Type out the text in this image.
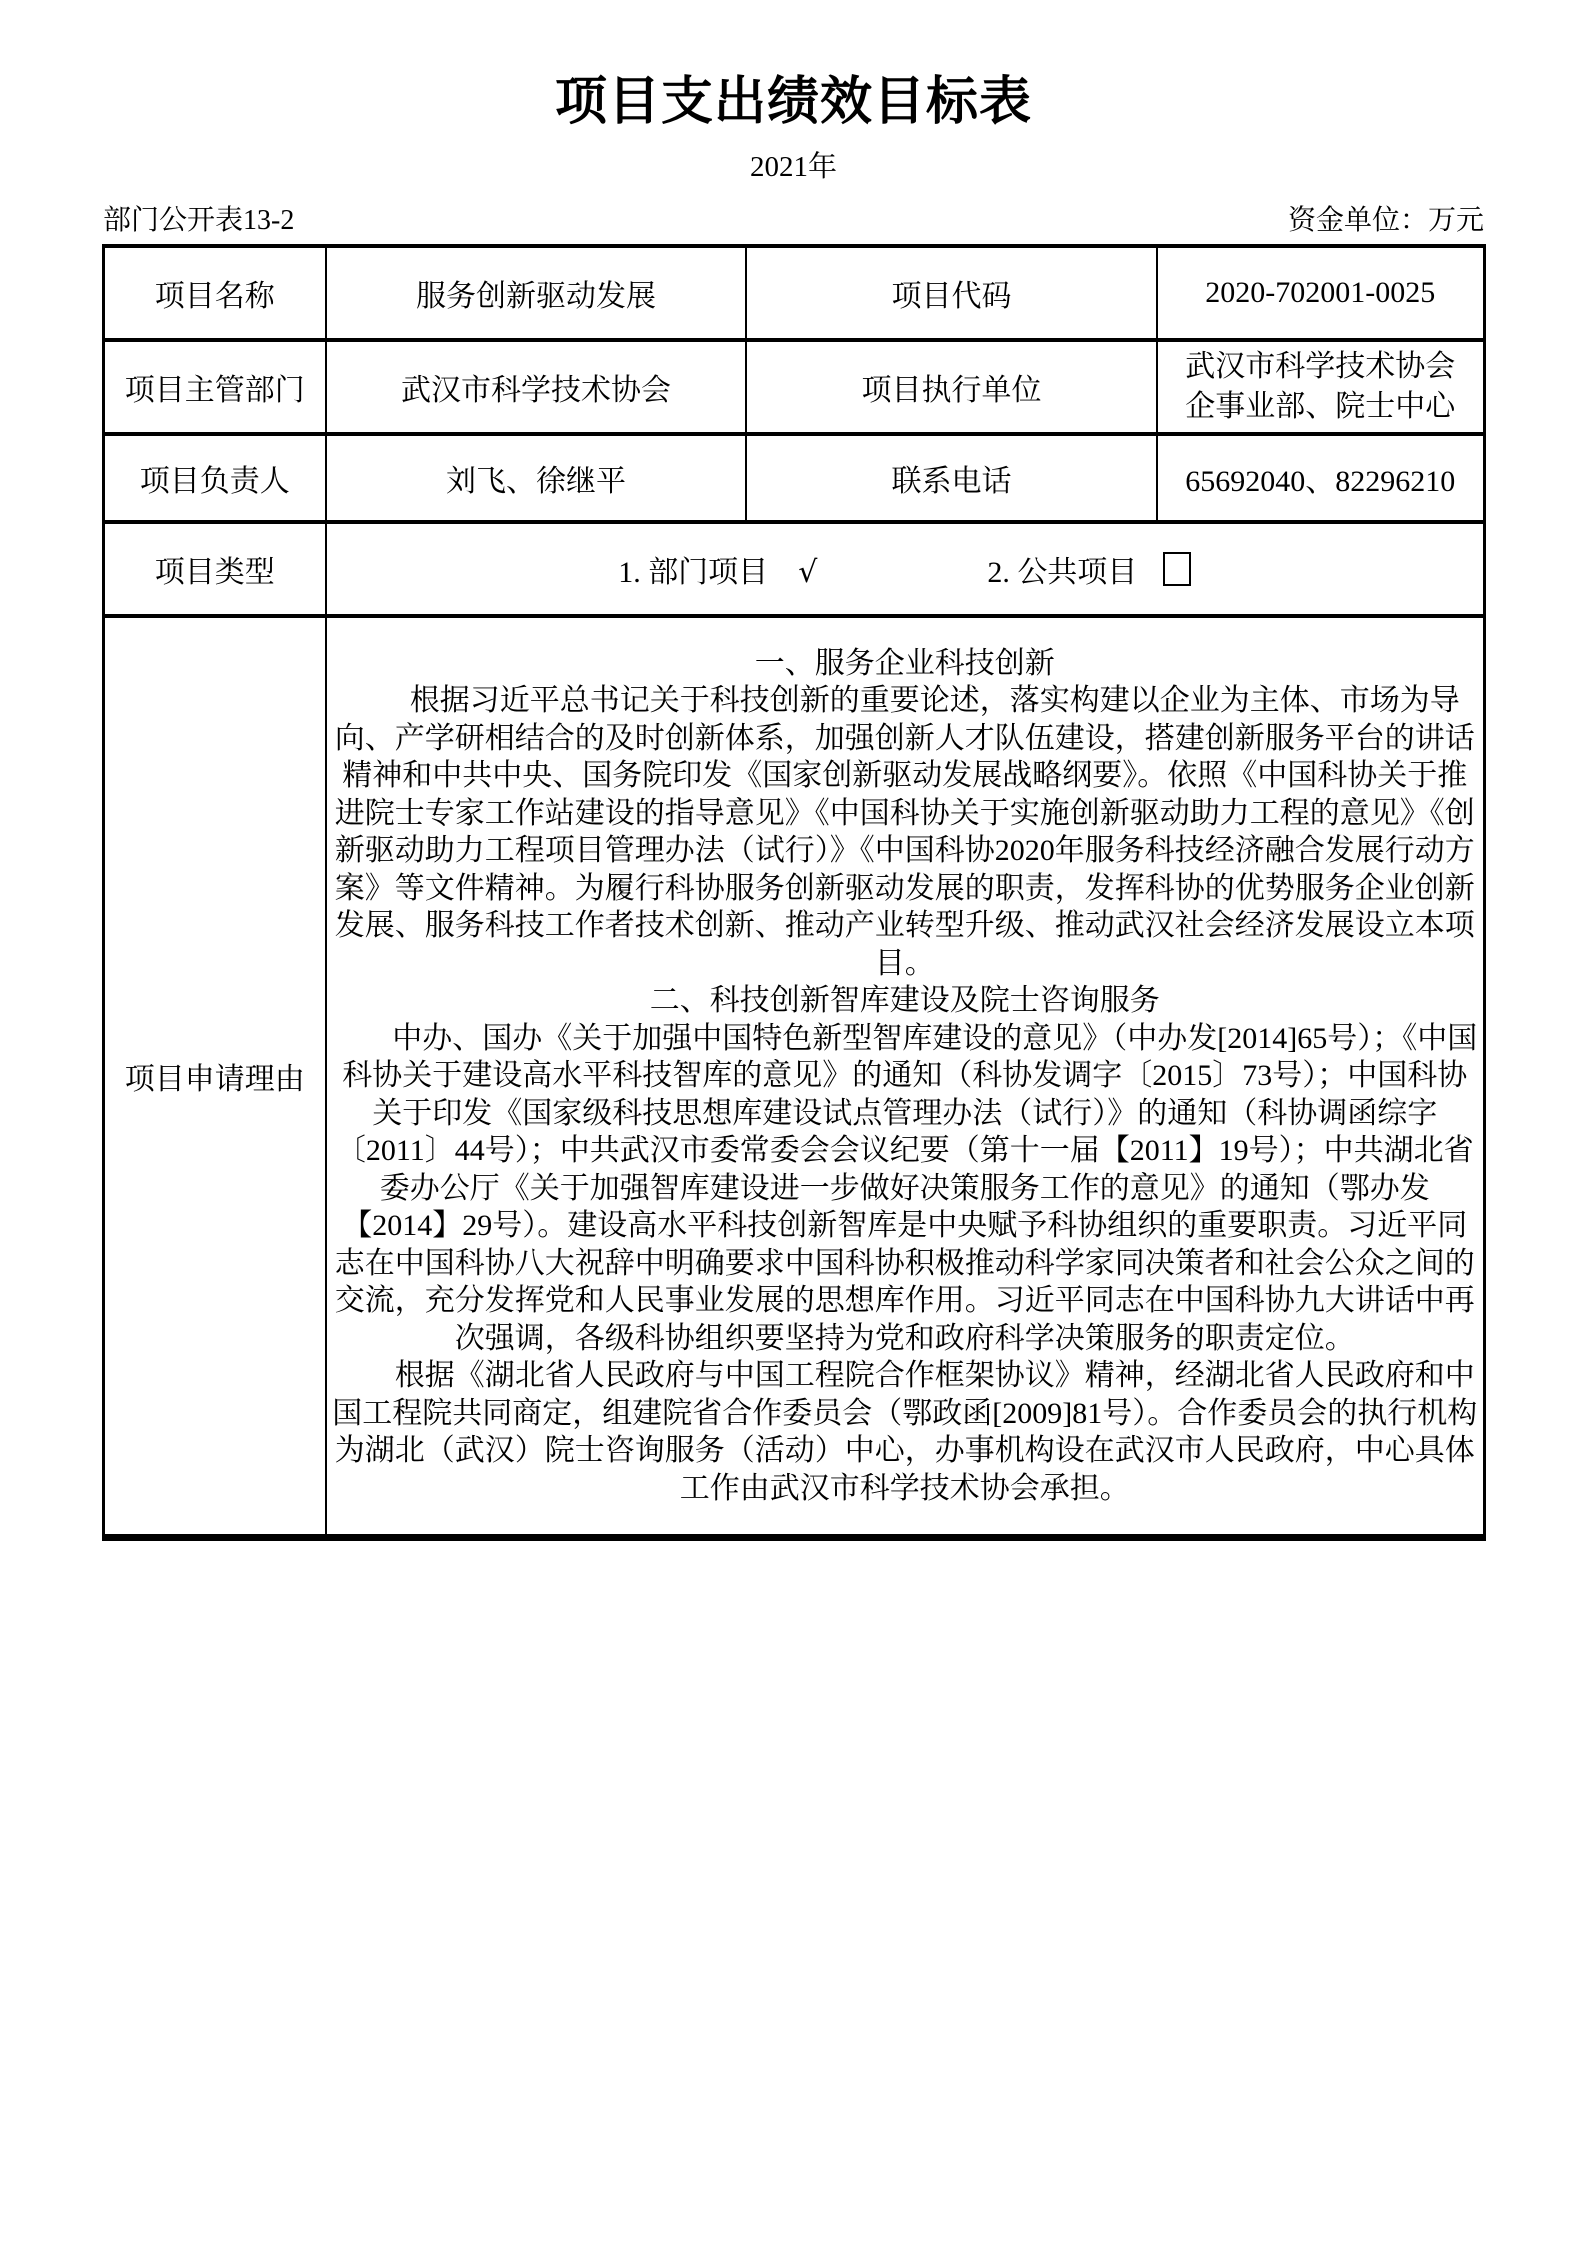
项目支出绩效目标表
2021年
部门公开表13-2	资金单位：万元
项目名称	服务创新驱动发展	项目代码	2020-702001-0025
项目主管部门	武汉市科学技术协会	项目执行单位	武汉市科学技术协会
企事业部、院士中心

项目负责人	刘飞、徐继平	联系电话	65692040、82296210
项目类型	1. 部门项目 √ 2. 公共项目		
项目申请理由	一、服务企业科技创新

根据习近平总书记关于科技创新的重要论述，落实构建以企业为主体、市场为导向、产学研相结合的及时创新体系，加强创新人才队伍建设，搭建创新服务平台的讲话精神和中共中央、国务院印发《国家创新驱动发展战略纲要》。依照《中国科协关于推进院士专家工作站建设的指导意见》《中国科协关于实施创新驱动助力工程的意见》《创新驱动助力工程项目管理办法（试行）》《中国科协2020年服务科技经济融合发展行动方案》等文件精神。为履行科协服务创新驱动发展的职责，发挥科协的优势服务企业创新发展、服务科技工作者技术创新、推动产业转型升级、推动武汉社会经济发展设立本项目。

二、科技创新智库建设及院士咨询服务

中办、国办《关于加强中国特色新型智库建设的意见》（中办发[2014]65号）；《中国科协关于建设高水平科技智库的意见》的通知（科协发调字〔2015〕73号）；中国科协关于印发《国家级科技思想库建设试点管理办法（试行）》的通知（科协调函综字〔2011〕44号）；中共武汉市委常委会会议纪要（第十一届【2011】19号）；中共湖北省委办公厅《关于加强智库建设进一步做好决策服务工作的意见》的通知（鄂办发【2014】29号）。建设高水平科技创新智库是中央赋予科协组织的重要职责。习近平同志在中国科协八大祝辞中明确要求中国科协积极推动科学家同决策者和社会公众之间的交流，充分发挥党和人民事业发展的思想库作用。习近平同志在中国科协九大讲话中再次强调，各级科协组织要坚持为党和政府科学决策服务的职责定位。

根据《湖北省人民政府与中国工程院合作框架协议》精神，经湖北省人民政府和中国工程院共同商定，组建院省合作委员会（鄂政函[2009]81号）。合作委员会的执行机构为湖北（武汉）院士咨询服务（活动）中心，办事机构设在武汉市人民政府，中心具体工作由武汉市科学技术协会承担。		
